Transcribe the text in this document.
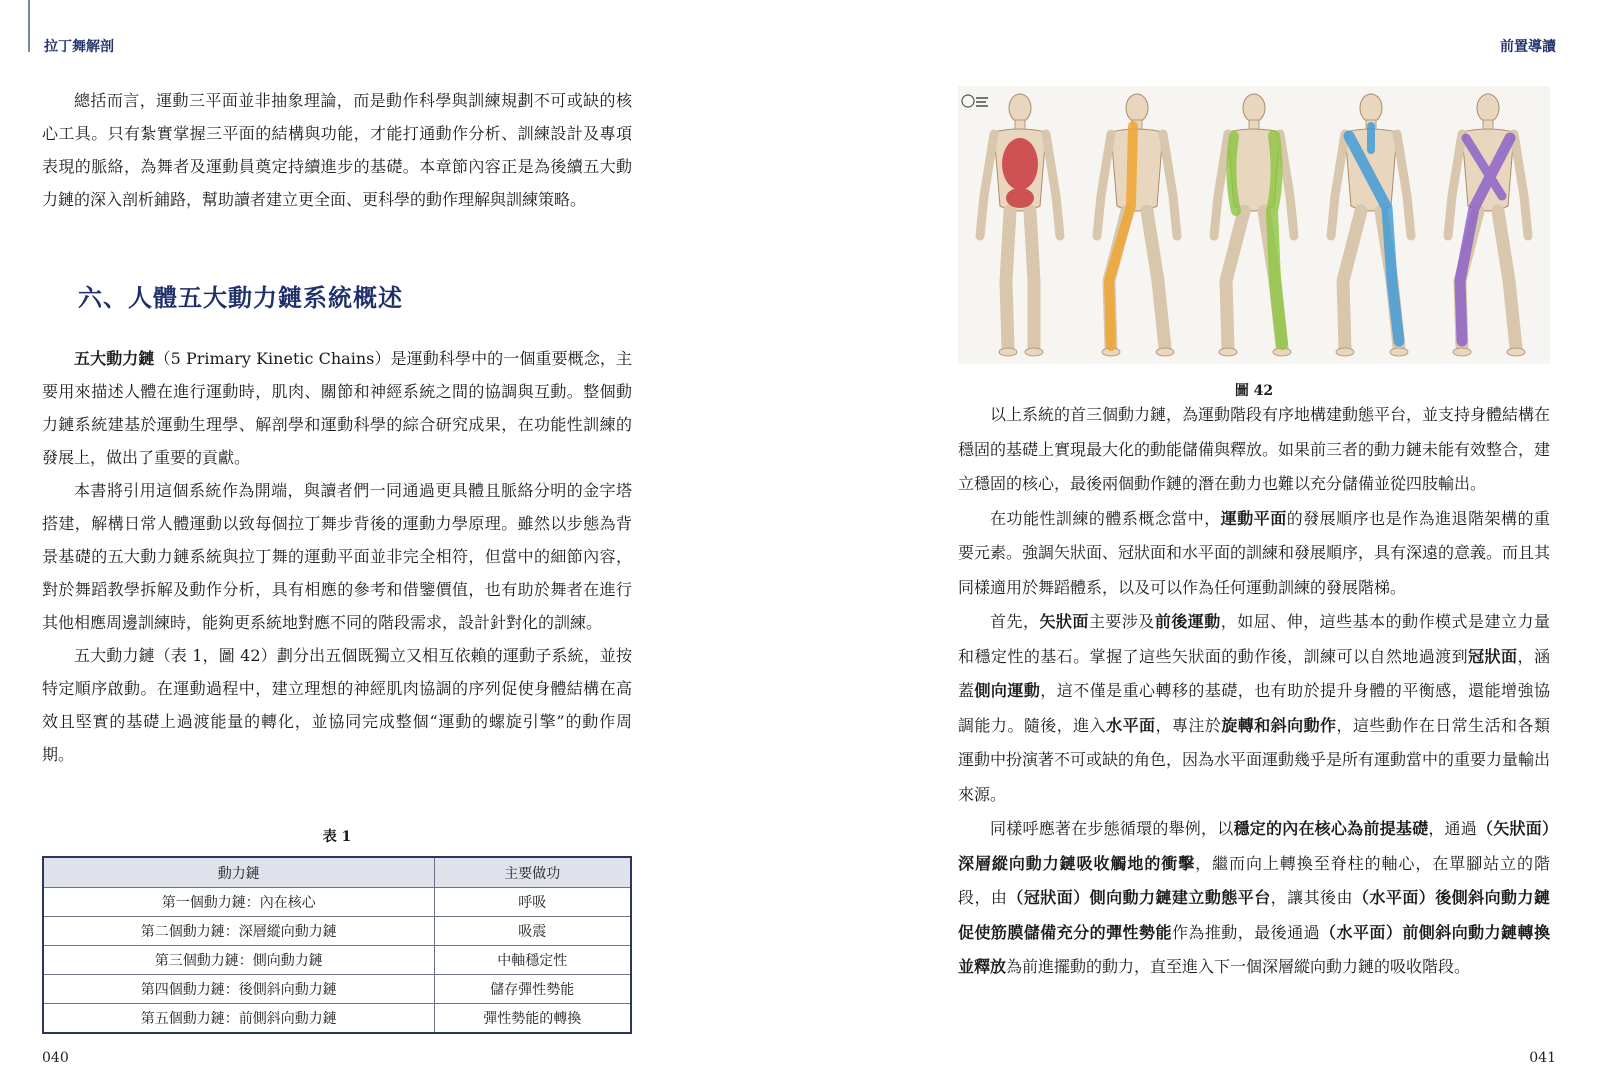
拉丁舞解剖

總括而言，運動三平面並非抽象理論，而是動作科學與訓練規劃不可或缺的核心工具。只有紮實掌握三平面的結構與功能，才能打通動作分析、訓練設計及專項表現的脈絡，為舞者及運動員奠定持續進步的基礎。本章節內容正是為後續五大動力鏈的深入剖析鋪路，幫助讀者建立更全面、更科學的動作理解與訓練策略。

六、人體五大動力鏈系統概述

五大動力鏈（5 Primary Kinetic Chains）是運動科學中的一個重要概念，主要用來描述人體在進行運動時，肌肉、關節和神經系統之間的協調與互動。整個動力鏈系統建基於運動生理學、解剖學和運動科學的綜合研究成果，在功能性訓練的發展上，做出了重要的貢獻。

本書將引用這個系統作為開端，與讀者們一同通過更具體且脈絡分明的金字塔搭建，解構日常人體運動以致每個拉丁舞步背後的運動力學原理。雖然以步態為背景基礎的五大動力鏈系統與拉丁舞的運動平面並非完全相符，但當中的細節內容，對於舞蹈教學拆解及動作分析，具有相應的參考和借鑒價值，也有助於舞者在進行其他相應周邊訓練時，能夠更系統地對應不同的階段需求，設計針對化的訓練。

五大動力鏈（表 1，圖 42）劃分出五個既獨立又相互依賴的運動子系統，並按特定順序啟動。在運動過程中，建立理想的神經肌肉協調的序列促使身體結構在高效且堅實的基礎上過渡能量的轉化，並協同完成整個“運動的螺旋引擎”的動作周期。

表 1
動力鏈	主要做功
第一個動力鏈：內在核心	呼吸
第二個動力鏈：深層縱向動力鏈	吸震
第三個動力鏈：側向動力鏈	中軸穩定性
第四個動力鏈：後側斜向動力鏈	儲存彈性勢能
第五個動力鏈：前側斜向動力鏈	彈性勢能的轉換
040
前置導讀
圖 42

以上系統的首三個動力鏈，為運動階段有序地構建動態平台，並支持身體結構在穩固的基礎上實現最大化的動能儲備與釋放。如果前三者的動力鏈未能有效整合，建立穩固的核心，最後兩個動作鏈的潛在動力也難以充分儲備並從四肢輸出。

在功能性訓練的體系概念當中，運動平面的發展順序也是作為進退階架構的重要元素。強調矢狀面、冠狀面和水平面的訓練和發展順序，具有深遠的意義。而且其同樣適用於舞蹈體系，以及可以作為任何運動訓練的發展階梯。

首先，矢狀面主要涉及前後運動，如屈、伸，這些基本的動作模式是建立力量和穩定性的基石。掌握了這些矢狀面的動作後，訓練可以自然地過渡到冠狀面，涵蓋側向運動，這不僅是重心轉移的基礎，也有助於提升身體的平衡感，還能增強協調能力。隨後，進入水平面，專注於旋轉和斜向動作，這些動作在日常生活和各類運動中扮演著不可或缺的角色，因為水平面運動幾乎是所有運動當中的重要力量輸出來源。

同樣呼應著在步態循環的舉例，以穩定的內在核心為前提基礎，通過（矢狀面）深層縱向動力鏈吸收觸地的衝擊，繼而向上轉換至脊柱的軸心，在單腳站立的階段，由（冠狀面）側向動力鏈建立動態平台，讓其後由（水平面）後側斜向動力鏈促使筋膜儲備充分的彈性勢能作為推動，最後通過（水平面）前側斜向動力鏈轉換並釋放為前進擺動的動力，直至進入下一個深層縱向動力鏈的吸收階段。

041
